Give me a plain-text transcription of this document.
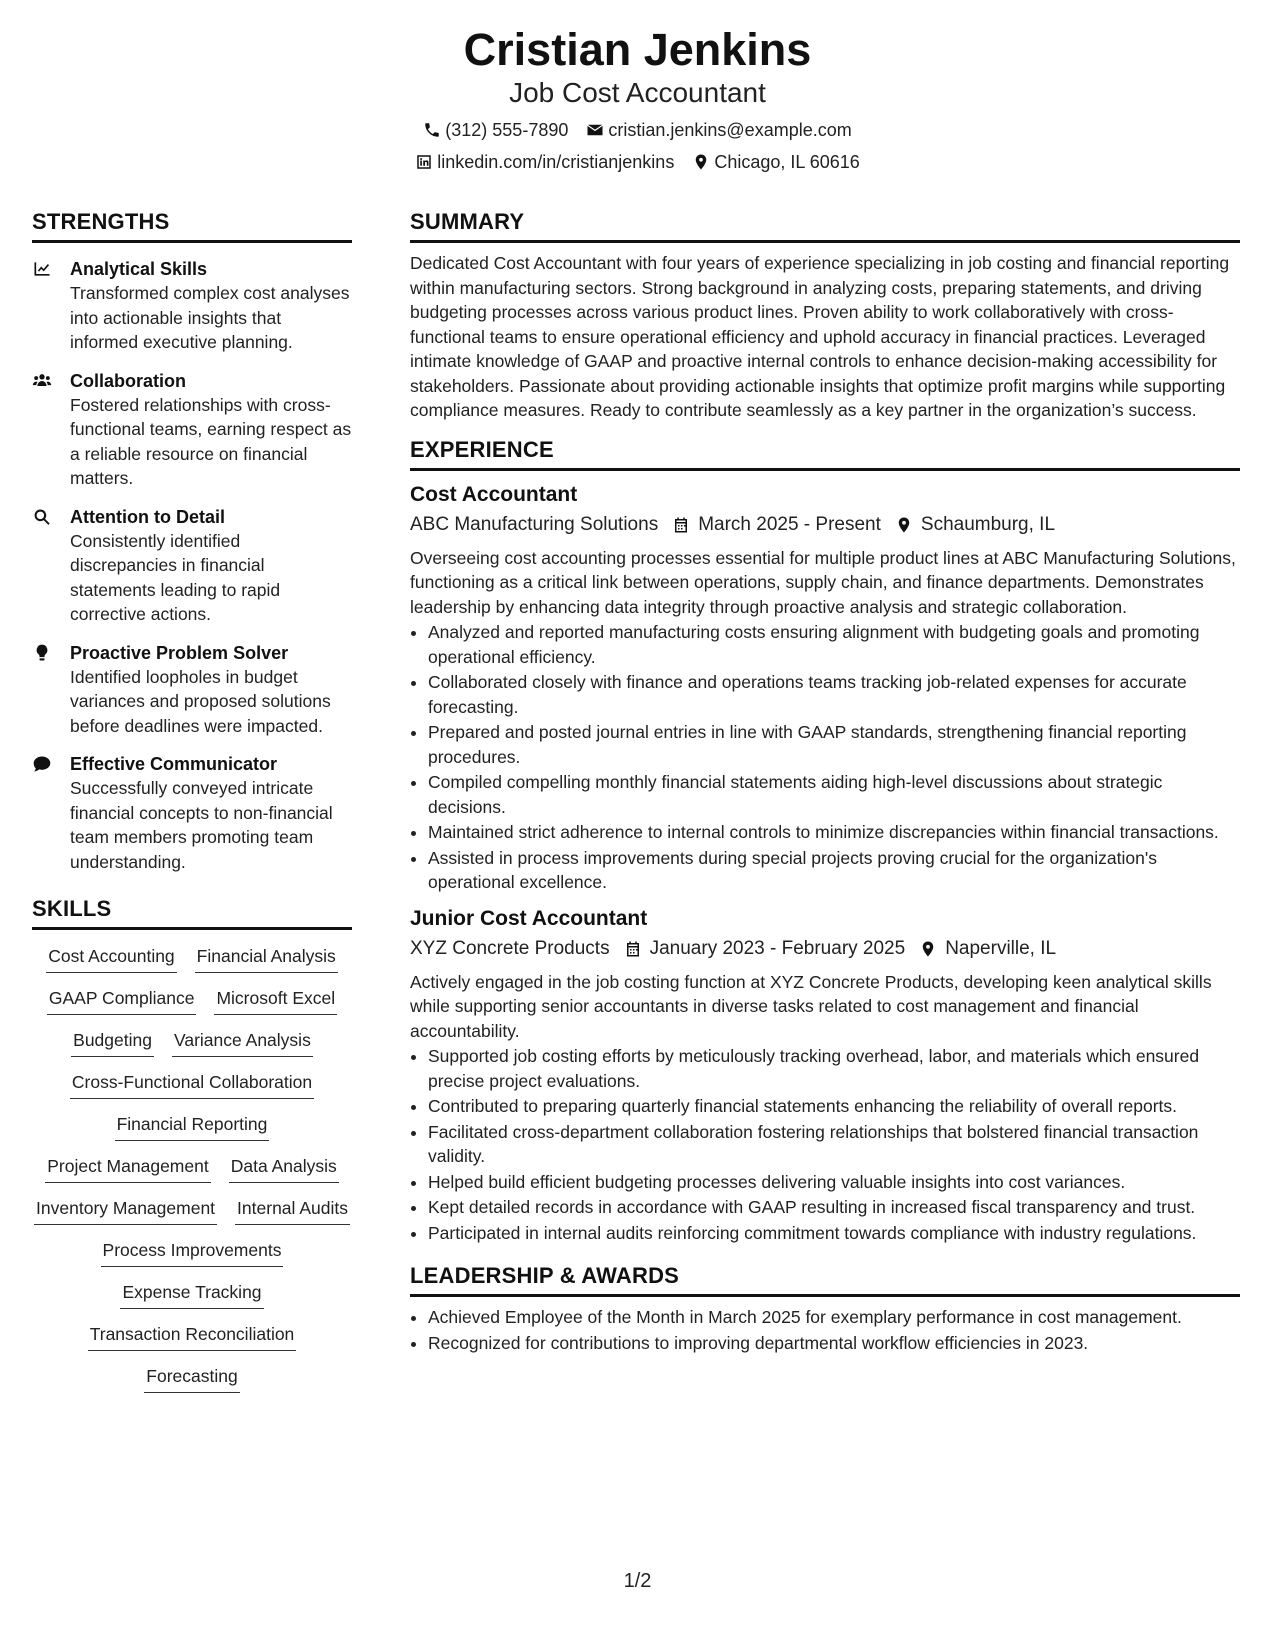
Cristian Jenkins
Job Cost Accountant
(312) 555-7890 cristian.jenkins@example.com
linkedin.com/in/cristianjenkins Chicago, IL 60616
STRENGTHS
Analytical Skills
Transformed complex cost analyses into actionable insights that informed executive planning.
Collaboration
Fostered relationships with cross-functional teams, earning respect as a reliable resource on financial matters.
Attention to Detail
Consistently identified discrepancies in financial statements leading to rapid corrective actions.
Proactive Problem Solver
Identified loopholes in budget variances and proposed solutions before deadlines were impacted.
Effective Communicator
Successfully conveyed intricate financial concepts to non-financial team members promoting team understanding.
SKILLS
Cost Accounting Financial Analysis
GAAP Compliance Microsoft Excel
Budgeting Variance Analysis
Cross-Functional Collaboration
Financial Reporting
Project Management Data Analysis
Inventory Management Internal Audits
Process Improvements
Expense Tracking
Transaction Reconciliation
Forecasting
SUMMARY

Dedicated Cost Accountant with four years of experience specializing in job costing and financial reporting within manufacturing sectors. Strong background in analyzing costs, preparing statements, and driving budgeting processes across various product lines. Proven ability to work collaboratively with cross-functional teams to ensure operational efficiency and uphold accuracy in financial practices. Leveraged intimate knowledge of GAAP and proactive internal controls to enhance decision-making accessibility for stakeholders. Passionate about providing actionable insights that optimize profit margins while supporting compliance measures. Ready to contribute seamlessly as a key partner in the organization’s success.

EXPERIENCE
Cost Accountant
ABC Manufacturing Solutions March 2025 - Present Schaumburg, IL

Overseeing cost accounting processes essential for multiple product lines at ABC Manufacturing Solutions, functioning as a critical link between operations, supply chain, and finance departments. Demonstrates leadership by enhancing data integrity through proactive analysis and strategic collaboration.

• Analyzed and reported manufacturing costs ensuring alignment with budgeting goals and promoting operational efficiency.
• Collaborated closely with finance and operations teams tracking job-related expenses for accurate forecasting.
• Prepared and posted journal entries in line with GAAP standards, strengthening financial reporting procedures.
• Compiled compelling monthly financial statements aiding high-level discussions about strategic decisions.
• Maintained strict adherence to internal controls to minimize discrepancies within financial transactions.
• Assisted in process improvements during special projects proving crucial for the organization's operational excellence.
Junior Cost Accountant
XYZ Concrete Products January 2023 - February 2025 Naperville, IL

Actively engaged in the job costing function at XYZ Concrete Products, developing keen analytical skills while supporting senior accountants in diverse tasks related to cost management and financial accountability.

• Supported job costing efforts by meticulously tracking overhead, labor, and materials which ensured precise project evaluations.
• Contributed to preparing quarterly financial statements enhancing the reliability of overall reports.
• Facilitated cross-department collaboration fostering relationships that bolstered financial transaction validity.
• Helped build efficient budgeting processes delivering valuable insights into cost variances.
• Kept detailed records in accordance with GAAP resulting in increased fiscal transparency and trust.
• Participated in internal audits reinforcing commitment towards compliance with industry regulations.
LEADERSHIP & AWARDS
• Achieved Employee of the Month in March 2025 for exemplary performance in cost management.
• Recognized for contributions to improving departmental workflow efficiencies in 2023.
1/2
